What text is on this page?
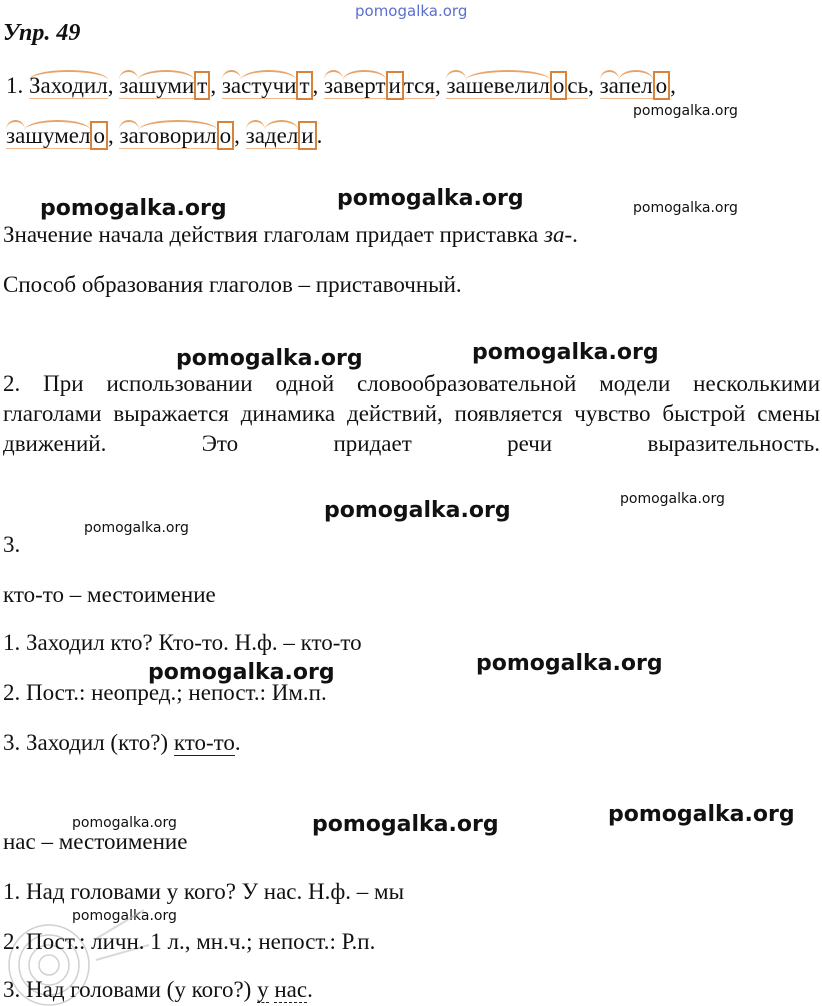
pomogalka.org
pomogalka.org
pomogalka.org	pomogalka.org	pomogalka.org
pomogalka.org	pomogalka.org
pomogalka.org
pomogalka.org
pomogalka.org
pomogalka.org	pomogalka.org
pomogalka.org	pomogalka.org	pomogalka.org
pomogalka.org
Упр. 49
1. Заходил, зашуми т , застучи т , заверт и тся, зашевелил о сь, запел о ,
зашумел о , заговорил о , задел и .
Значение начала действия глаголам придает приставка за-.
Способ образования глаголов – приставочный.
2. При использовании одной словообразовательной модели несколькими глаголами выражается динамика действий, появляется чувство быстрой смены движений. Это придает речи выразительность.
3.
кто-то – местоимение
1. Заходил кто? Кто-то. Н.ф. – кто-то
2. Пост.: неопред.; непост.: Им.п.
3. Заходил (кто?) кто-то.
нас – местоимение
1. Над головами у кого? У нас. Н.ф. – мы
2. Пост.: личн. 1 л., мн.ч.; непост.: Р.п.
3. Над головами (у кого?) у нас.
